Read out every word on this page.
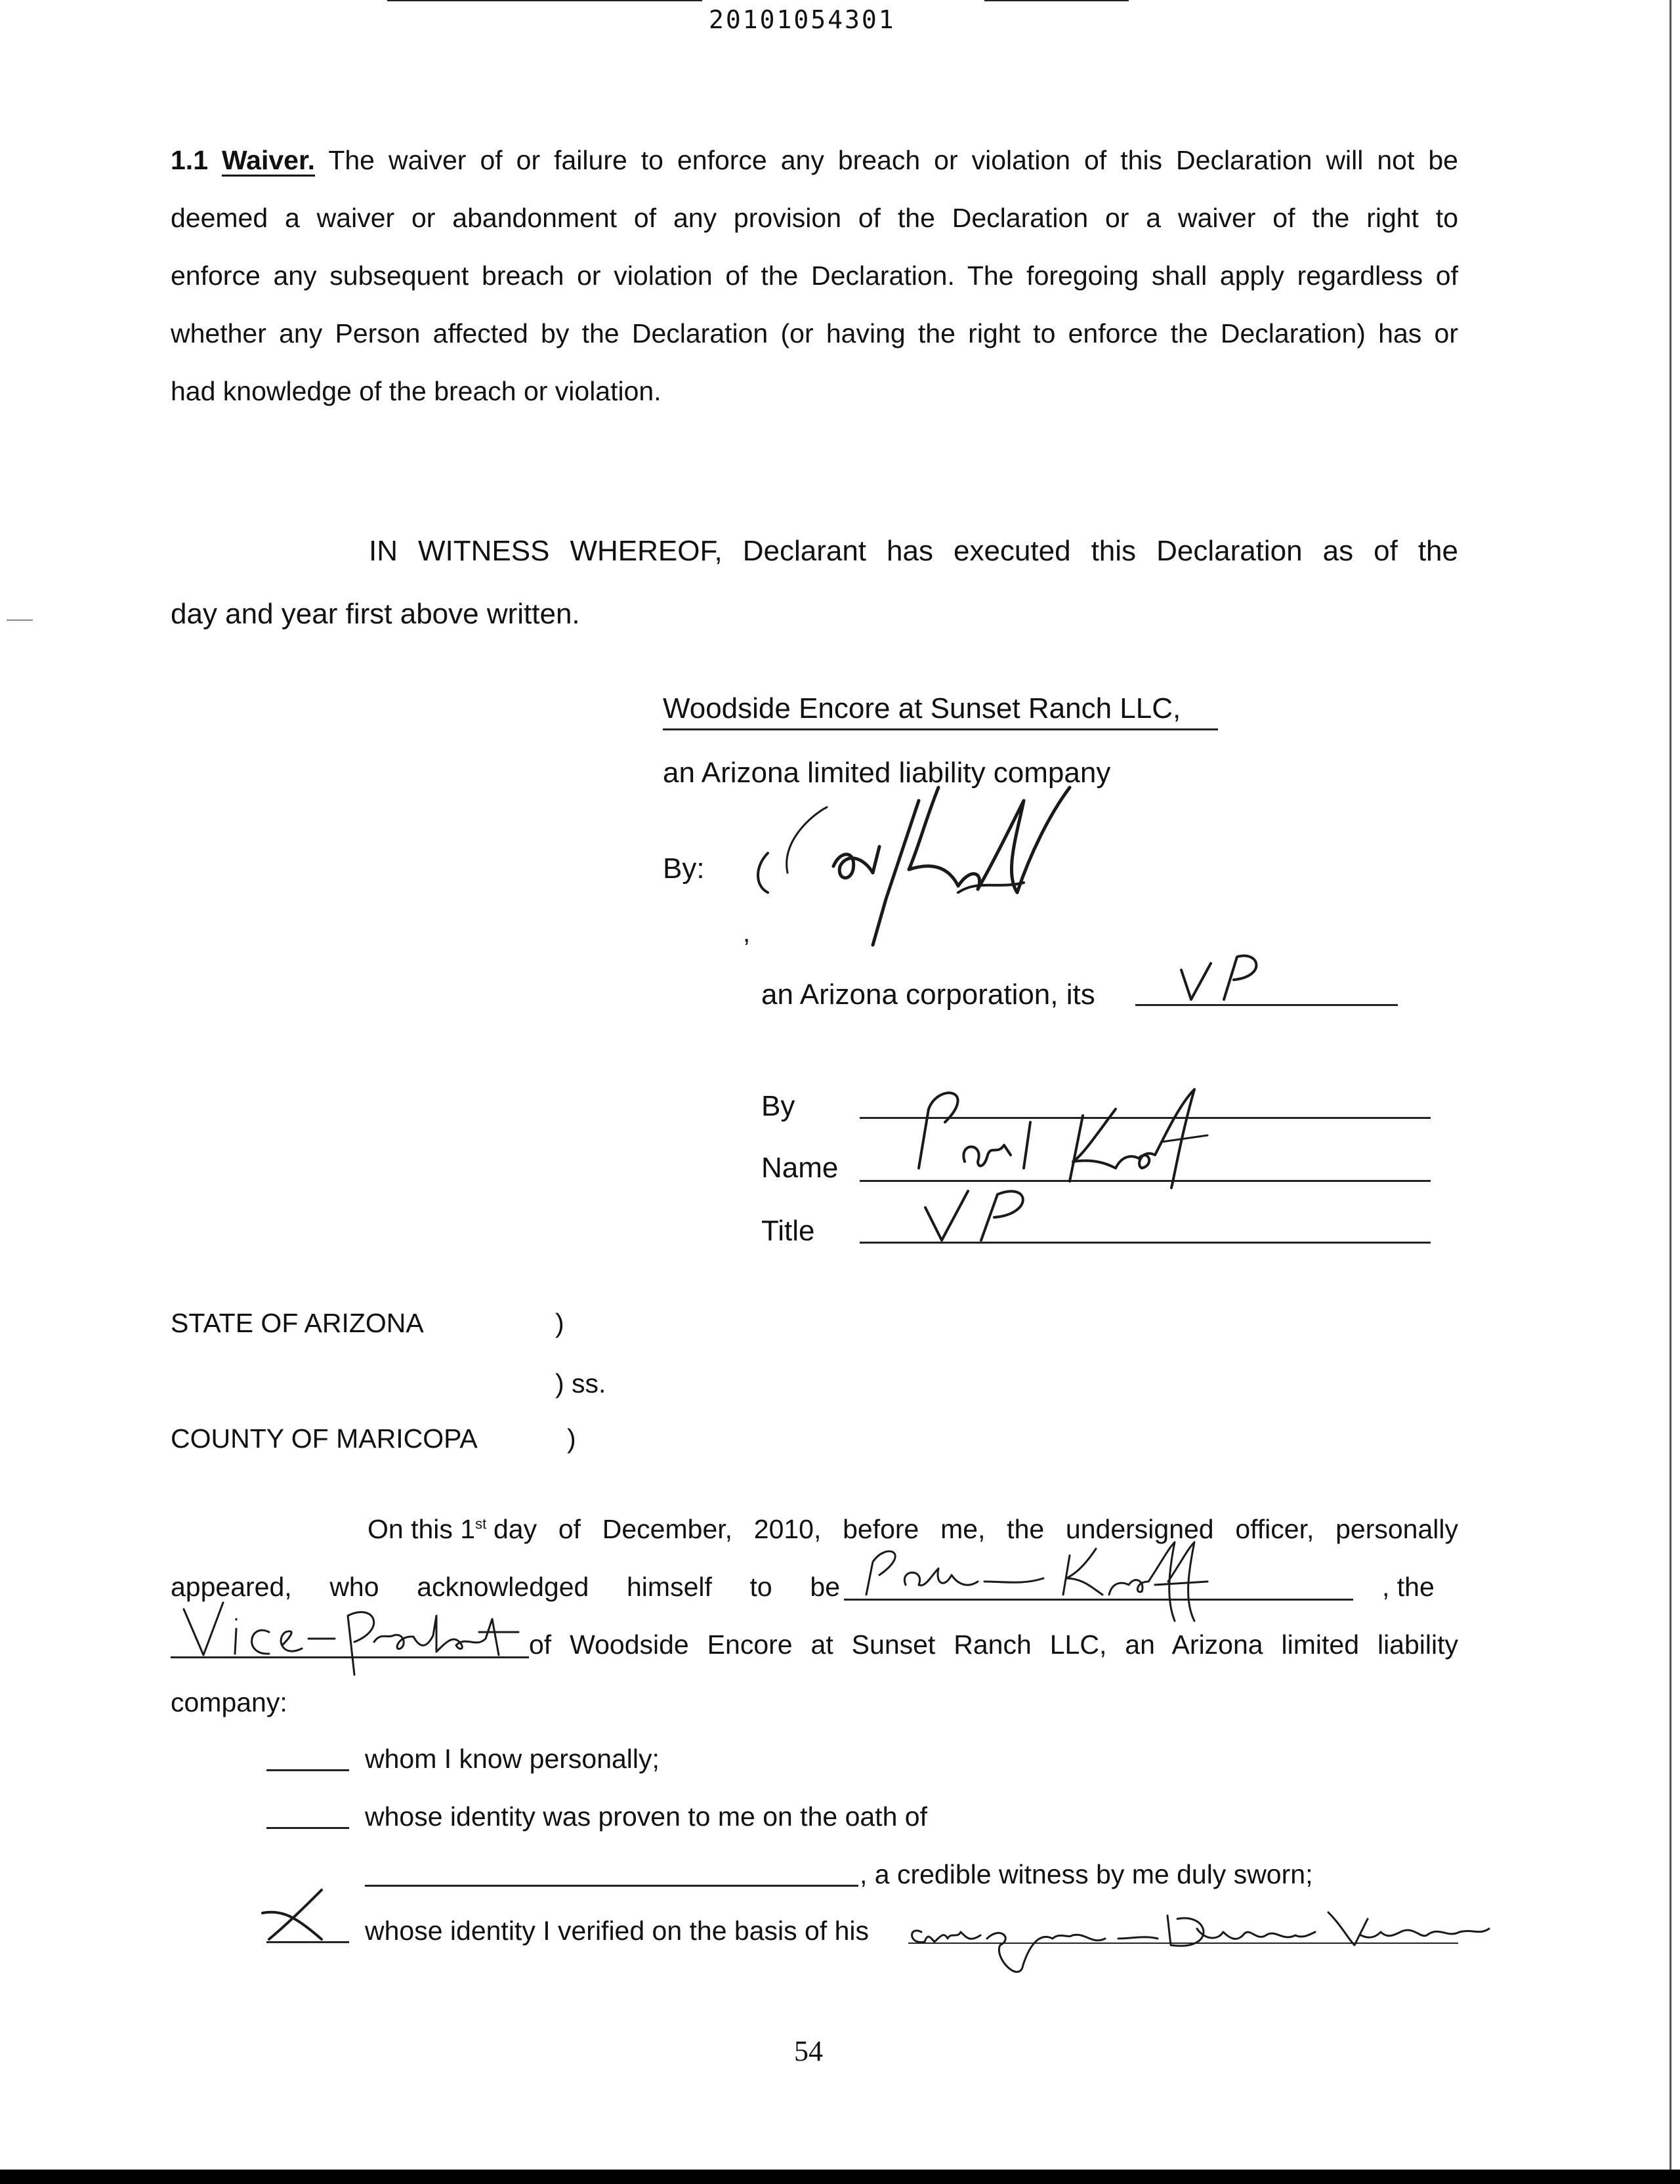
20101054301
1.1 Waiver. The waiver of or failure to enforce any breach or violation of this Declaration will not be
deemed a waiver or abandonment of any provision of the Declaration or a waiver of the right to
enforce any subsequent breach or violation of the Declaration. The foregoing shall apply regardless of
whether any Person affected by the Declaration (or having the right to enforce the Declaration) has or
had knowledge of the breach or violation.
IN WITNESS WHEREOF, Declarant has executed this Declaration as of the
day and year first above written.
Woodside Encore at Sunset Ranch LLC,
an Arizona limited liability company
By:
,
an Arizona corporation, its
By
Name
Title
STATE OF ARIZONA	)
) ss.
COUNTY OF MARICOPA	)
On this 1st day of December, 2010, before me, the undersigned officer, personally
appeared, who acknowledged himself to be	, the
of Woodside Encore at Sunset Ranch LLC, an Arizona limited liability
company:
whom I know personally;
whose identity was proven to me on the oath of
, a credible witness by me duly sworn;
whose identity I verified on the basis of his
54
